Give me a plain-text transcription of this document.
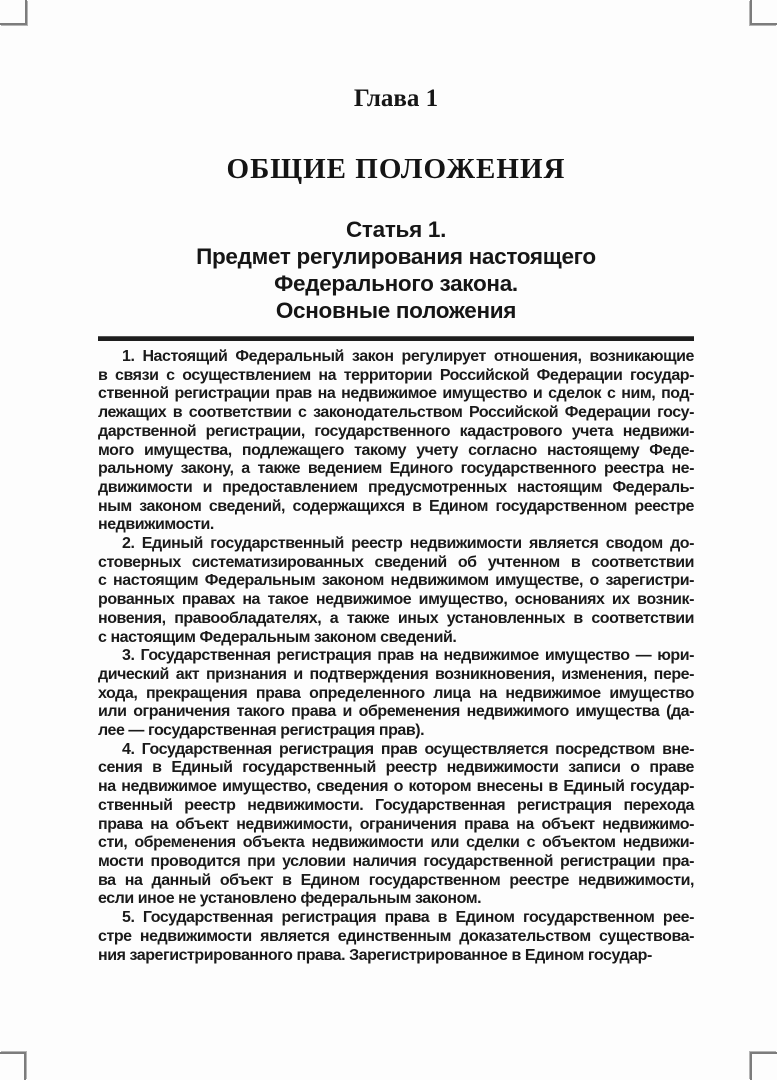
Глава 1
ОБЩИЕ ПОЛОЖЕНИЯ
Статья 1.
Предмет регулирования настоящего
Федерального закона.
Основные положения
1. Настоящий Федеральный закон регулирует отношения, возникающие
в связи с осуществлением на территории Российской Федерации государ-
ственной регистрации прав на недвижимое имущество и сделок с ним, под-
лежащих в соответствии с законодательством Российской Федерации госу-
дарственной регистрации, государственного кадастрового учета недвижи-
мого имущества, подлежащего такому учету согласно настоящему Феде-
ральному закону, а также ведением Единого государственного реестра не-
движимости и предоставлением предусмотренных настоящим Федераль-
ным законом сведений, содержащихся в Едином государственном реестре
недвижимости.
2. Единый государственный реестр недвижимости является сводом до-
стоверных систематизированных сведений об учтенном в соответствии
с настоящим Федеральным законом недвижимом имуществе, о зарегистри-
рованных правах на такое недвижимое имущество, основаниях их возник-
новения, правообладателях, а также иных установленных в соответствии
с настоящим Федеральным законом сведений.
3. Государственная регистрация прав на недвижимое имущество — юри-
дический акт признания и подтверждения возникновения, изменения, пере-
хода, прекращения права определенного лица на недвижимое имущество
или ограничения такого права и обременения недвижимого имущества (да-
лее — государственная регистрация прав).
4. Государственная регистрация прав осуществляется посредством вне-
сения в Единый государственный реестр недвижимости записи о праве
на недвижимое имущество, сведения о котором внесены в Единый государ-
ственный реестр недвижимости. Государственная регистрация перехода
права на объект недвижимости, ограничения права на объект недвижимо-
сти, обременения объекта недвижимости или сделки с объектом недвижи-
мости проводится при условии наличия государственной регистрации пра-
ва на данный объект в Едином государственном реестре недвижимости,
если иное не установлено федеральным законом.
5. Государственная регистрация права в Едином государственном рее-
стре недвижимости является единственным доказательством существова-
ния зарегистрированного права. Зарегистрированное в Едином государ-
